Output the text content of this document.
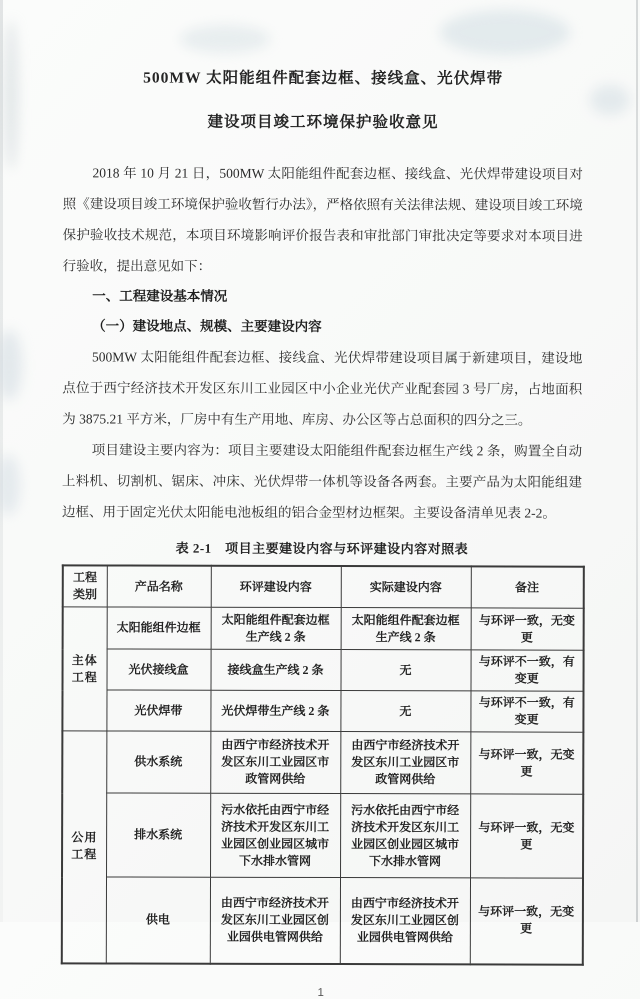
500MW 太阳能组件配套边框、接线盒、光伏焊带
建设项目竣工环境保护验收意见

2018 年 10 月 21 日，500MW 太阳能组件配套边框、接线盒、光伏焊带建设项目对照《建设项目竣工环境保护验收暂行办法》，严格依照有关法律法规、建设项目竣工环境保护验收技术规范，本项目环境影响评价报告表和审批部门审批决定等要求对本项目进行验收，提出意见如下：

一、工程建设基本情况
（一）建设地点、规模、主要建设内容

500MW 太阳能组件配套边框、接线盒、光伏焊带建设项目属于新建项目，建设地点位于西宁经济技术开发区东川工业园区中小企业光伏产业配套园 3 号厂房，占地面积为 3875.21 平方米，厂房中有生产用地、库房、办公区等占总面积的四分之三。

项目建设主要内容为：项目主要建设太阳能组件配套边框生产线 2 条，购置全自动上料机、切割机、锯床、冲床、光伏焊带一体机等设备各两套。主要产品为太阳能组建边框、用于固定光伏太阳能电池板组的铝合金型材边框架。主要设备清单见表 2-2。

表 2-1　项目主要建设内容与环评建设内容对照表
工程类别	产品名称	环评建设内容	实际建设内容	备注
主体工程	太阳能组件边框	太阳能组件配套边框生产线 2 条	太阳能组件配套边框生产线 2 条	与环评一致，无变更
	光伏接线盒	接线盒生产线 2 条	无	与环评不一致，有变更
	光伏焊带	光伏焊带生产线 2 条	无	与环评不一致，有变更
公用工程	供水系统	由西宁市经济技术开发区东川工业园区市政管网供给	由西宁市经济技术开发区东川工业园区市政管网供给	与环评一致，无变更
	排水系统	污水依托由西宁市经济技术开发区东川工业园区创业园区城市下水排水管网	污水依托由西宁市经济技术开发区东川工业园区创业园区城市下水排水管网	与环评一致，无变更
	供电	由西宁市经济技术开发区东川工业园区创业园供电管网供给	由西宁市经济技术开发区东川工业园区创业园供电管网供给	与环评一致，无变更
1
